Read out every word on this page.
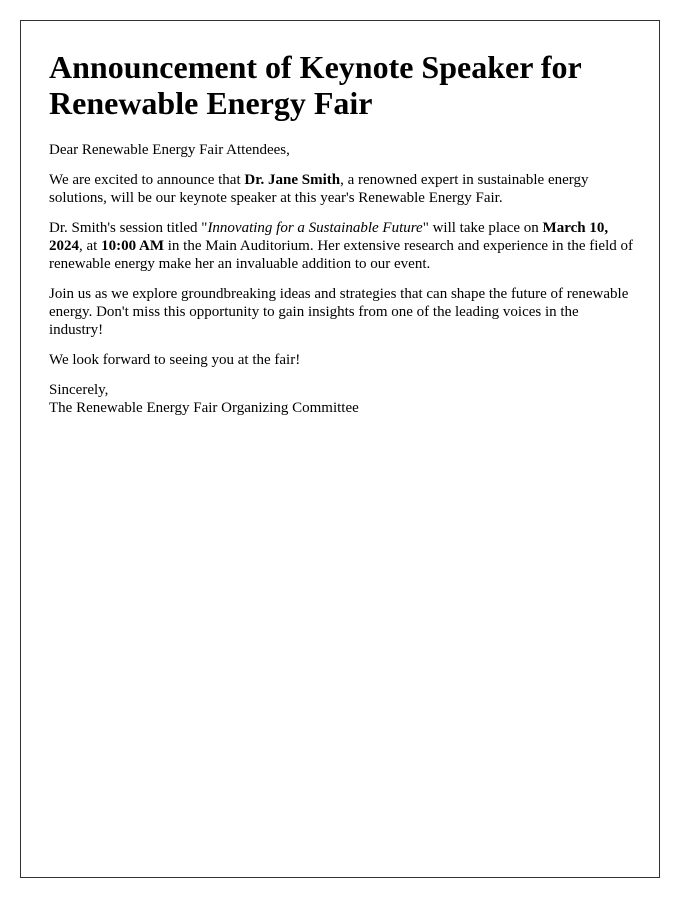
Announcement of Keynote Speaker for Renewable Energy Fair

Dear Renewable Energy Fair Attendees,

We are excited to announce that Dr. Jane Smith, a renowned expert in sustainable energy solutions, will be our keynote speaker at this year's Renewable Energy Fair.

Dr. Smith's session titled "Innovating for a Sustainable Future" will take place on March 10, 2024, at 10:00 AM in the Main Auditorium. Her extensive research and experience in the field of renewable energy make her an invaluable addition to our event.

Join us as we explore groundbreaking ideas and strategies that can shape the future of renewable energy. Don't miss this opportunity to gain insights from one of the leading voices in the industry!

We look forward to seeing you at the fair!

Sincerely,
The Renewable Energy Fair Organizing Committee
